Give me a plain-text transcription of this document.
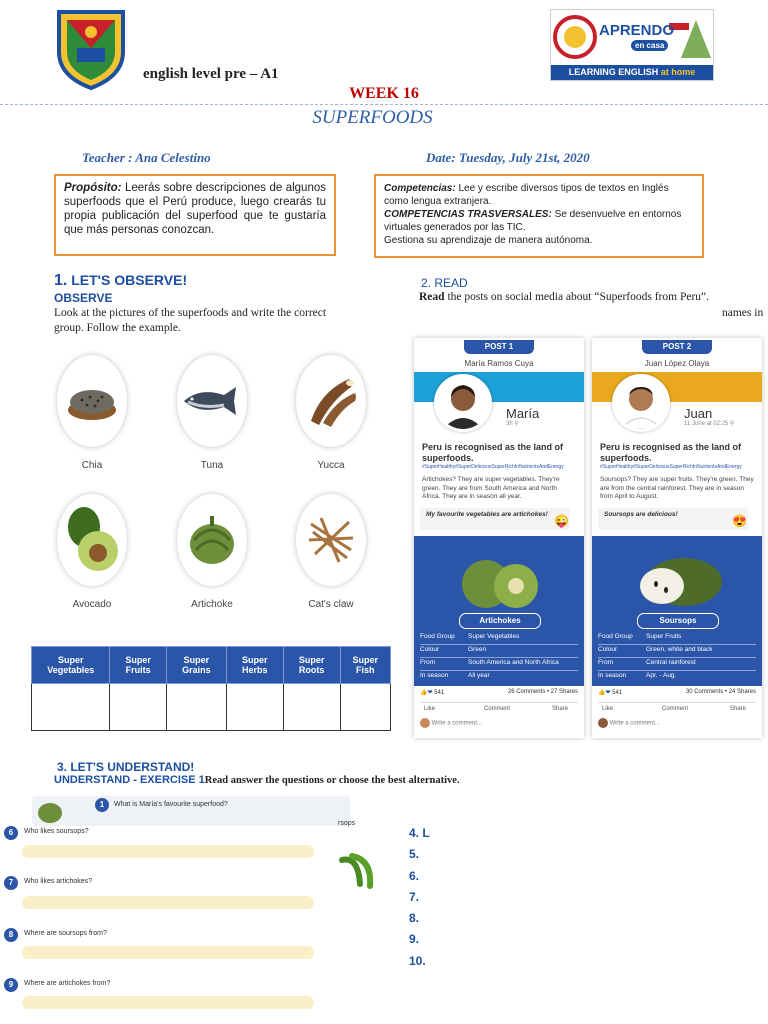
english level pre – A1
APRENDO
en casa
LEARNING ENGLISH at home
WEEK 16
SUPERFOODS
Teacher : Ana Celestino	Date: Tuesday, July 21st, 2020
Propósito: Leerás sobre descripciones de algunos superfoods que el Perú produce, luego crearás tu propia publicación del superfood que te gustaría que más personas conozcan.
Competencias: Lee y escribe diversos tipos de textos en Inglés como lengua extranjera.
COMPETENCIAS TRASVERSALES: Se desenvuelve en entornos virtuales generados por las TIC.
Gestiona su aprendizaje de manera autónoma.
1. LET'S OBSERVE!
OBSERVE
Look at the pictures of the superfoods and write the correct group. Follow the example.
Chia	Tuna	Yucca
Avocado	Artichoke	Cat's claw
Super Vegetables	Super Fruits	Super Grains	Super Herbs	Super Roots	Super Fish

2. READ
Read the posts on social media about “Superfoods from Peru”.
names in
POST 1
María Ramos Cuya
María
3h ⚲
Peru is recognised as the land of superfoods.
#SuperHealthy#SuperDeliciousSuperRichInNutrientsAndEnergy
Artichokes? They are super vegetables. They're green. They are from South America and North Africa. They are in season all year.
My favourite vegetables are artichokes! 😜
Artichokes
Food Group Super Vegetables
Colour	Green
From	South America and North Africa
In season	All year
👍❤ 541	26 Comments • 27 Shares
Like	Comment	Share
Write a comment...
POST 2
Juan López Olaya
Juan
11 June at 02:25 ⚲
Peru is recognised as the land of superfoods.
#SuperHealthy#SuperDeliciousSuperRichInNutrientsAndEnergy
Soursops? They are super fruits. They're green. They are from the central rainforest. They are in season from April to August.
Soursops are delicious!	😍
Soursops
Food Group Super Fruits
Colour	Green, white and black
From	Central rainforest
In season	Apr. - Aug.
👍❤ 541	30 Comments • 24 Shares
Like	Comment	Share
Write a comment...
3. LET'S UNDERSTAND!
UNDERSTAND - EXERCISE 1Read answer the questions or choose the best alternative.
1	What is María's favourite superfood?
rsops
6	Who likes soursops?
7	Who likes artichokes?
8	Where are soursops from?
9	Where are artichokes from?
4. L
5.
6.
7.
8.
9.
10.
